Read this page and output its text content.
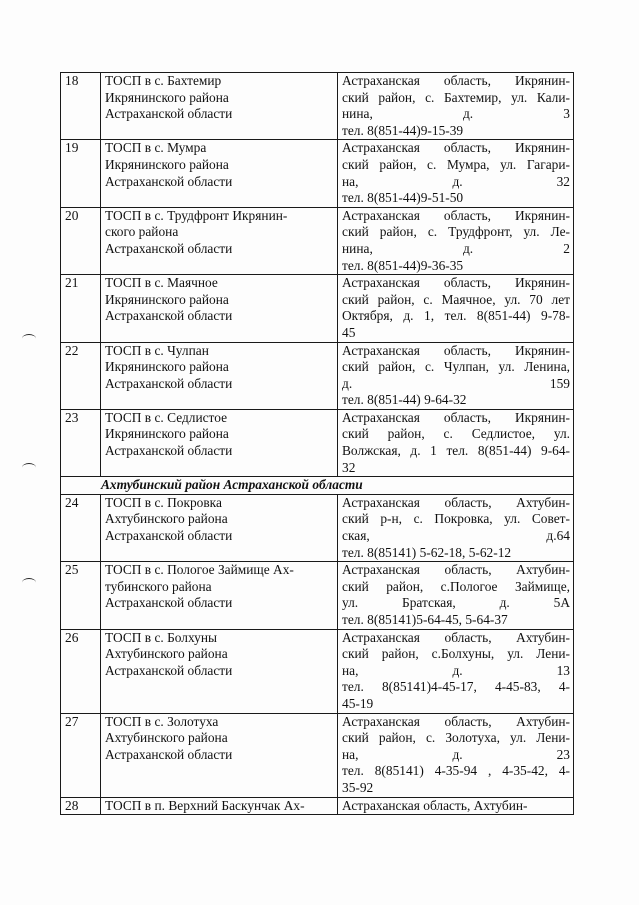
18	ТОСП в с. Бахтемир
Икрянинского района
Астраханской области	Астраханская область, Икрянин-
ский район, с. Бахтемир, ул. Кали-
нина, д. 3
тел. 8(851-44)9-15-39

19	ТОСП в с. Мумра
Икрянинского района
Астраханской области	Астраханская область, Икрянин-
ский район, с. Мумра, ул. Гагари-
на, д. 32
тел. 8(851-44)9-51-50

20	ТОСП в с. Трудфронт Икрянин-
ского района
Астраханской области	Астраханская область, Икрянин-
ский район, с. Трудфронт, ул. Ле-
нина, д. 2
тел. 8(851-44)9-36-35

21	ТОСП в с. Маячное
Икрянинского района
Астраханской области	Астраханская область, Икрянин-
ский район, с. Маячное, ул. 70 лет
Октября, д. 1, тел. 8(851-44) 9-78-
45

22	ТОСП в с. Чулпан
Икрянинского района
Астраханской области	Астраханская область, Икрянин-
ский район, с. Чулпан, ул. Ленина,
д. 159
тел. 8(851-44) 9-64-32

23	ТОСП в с. Седлистое
Икрянинского района
Астраханской области	Астраханская область, Икрянин-
ский район, с. Седлистое, ул.
Волжская, д. 1 тел. 8(851-44) 9-64-
32

Ахтубинский район Астраханской области		
24	ТОСП в с. Покровка
Ахтубинского района
Астраханской области	Астраханская область, Ахтубин-
ский р-н, с. Покровка, ул. Совет-
ская, д.64
тел. 8(85141) 5-62-18, 5-62-12

25	ТОСП в с. Пологое Займище Ах-
тубинского района
Астраханской области	Астраханская область, Ахтубин-
ский район, с.Пологое Займище,
ул. Братская, д. 5А
тел. 8(85141)5-64-45, 5-64-37

26	ТОСП в с. Болхуны
Ахтубинского района
Астраханской области	Астраханская область, Ахтубин-
ский район, с.Болхуны, ул. Лени-
на, д. 13
тел. 8(85141)4-45-17, 4-45-83, 4-
45-19

27	ТОСП в с. Золотуха
Ахтубинского района
Астраханской области	Астраханская область, Ахтубин-
ский район, с. Золотуха, ул. Лени-
на, д. 23
тел. 8(85141) 4-35-94 , 4-35-42, 4-
35-92

28	ТОСП в п. Верхний Баскунчак Ах-	Астраханская область, Ахтубин-
